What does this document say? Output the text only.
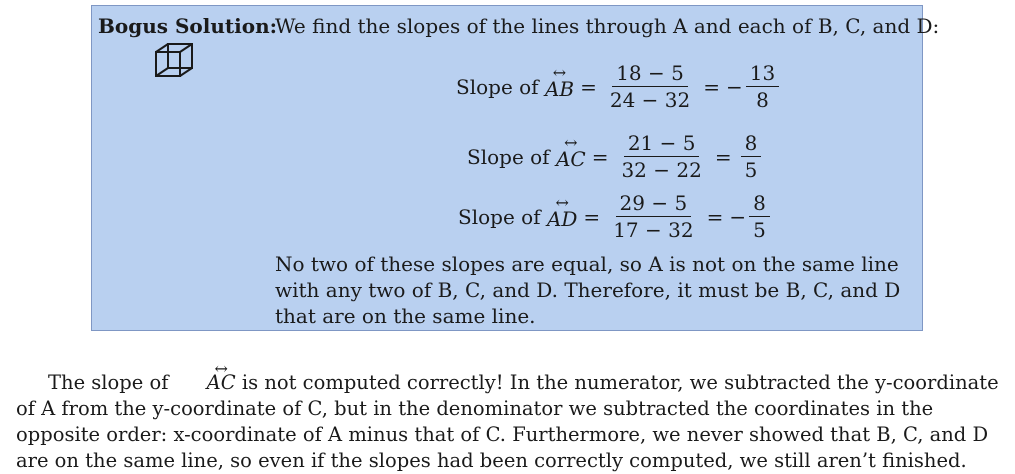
Bogus Solution:
We find the slopes of the lines through A and each of B, C, and D:
Slope of
↔ AB = $\frac{18 - 5}{24 - 32}$ = − $\frac{13}{8}$
Slope of
↔ AC = $\frac{21 - 5}{32 - 22} = \frac{8}{5}$
Slope of
↔ AD = $\frac{29 - 5}{17 - 32}$ = − $\frac{8}{5}$
No two of these slopes are equal, so A is not on the same line with any two of B, C, and D. Therefore, it must be B, C, and D that are on the same line.
The slope of ↔ AC is not computed correctly! In the numerator, we subtracted the y-coordinate of A from the y-coordinate of C, but in the denominator we subtracted the coordinates in the opposite order: x-coordinate of A minus that of C. Furthermore, we never showed that B, C, and D are on the same line, so even if the slopes had been correctly computed, we still aren’t finished.
